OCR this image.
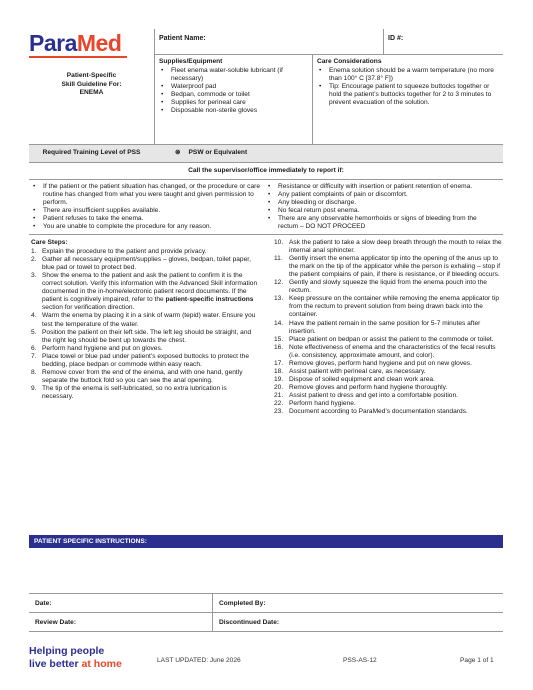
ParaMed
Patient-Specific
Skill Guideline For:
ENEMA
Patient Name:	ID #:
Supplies/Equipment
• Fleet enema water-soluble lubricant (if necessary)
• Waterproof pad
• Bedpan, commode or toilet
• Supplies for perineal care
• Disposable non-sterile gloves
Care Considerations
• Enema solution should be a warm temperature (no more than 100° C [37.8° F])
• Tip: Encourage patient to squeeze buttocks together or hold the patient’s buttocks together for 2 to 3 minutes to prevent evacuation of the solution.
Required Training Level of PSS	⊗ PSW or Equivalent
Call the supervisor/office immediately to report if:
• If the patient or the patient situation has changed, or the procedure or care routine has changed from what you were taught and given permission to perform.
• There are insufficient supplies available.
• Patient refuses to take the enema.
• You are unable to complete the procedure for any reason.
• Resistance or difficulty with insertion or patient retention of enema.
• Any patient complaints of pain or discomfort.
• Any bleeding or discharge.
• No fecal return post enema.
• There are any observable hemorrhoids or signs of bleeding from the rectum – DO NOT PROCEED
Care Steps:
1. Explain the procedure to the patient and provide privacy.
2. Gather all necessary equipment/supplies – gloves, bedpan, toilet paper, blue pad or towel to protect bed.
3. Show the enema to the patient and ask the patient to confirm it is the correct solution. Verify this information with the Advanced Skill information documented in the in-home/electronic patient record documents. If the patient is cognitively impaired, refer to the patient-specific instructions section for verification direction.
4. Warm the enema by placing it in a sink of warm (tepid) water. Ensure you test the temperature of the water.
5. Position the patient on their left side. The left leg should be straight, and the right leg should be bent up towards the chest.
6. Perform hand hygiene and put on gloves.
7. Place towel or blue pad under patient’s exposed buttocks to protect the bedding, place bedpan or commode within easy reach.
8. Remove cover from the end of the enema, and with one hand, gently separate the buttock fold so you can see the anal opening.
9. The tip of the enema is self-lubricated, so no extra lubrication is necessary.
10. Ask the patient to take a slow deep breath through the mouth to relax the internal anal sphincter.
11. Gently insert the enema applicator tip into the opening of the anus up to the mark on the tip of the applicator while the person is exhaling – stop if the patient complains of pain, if there is resistance, or if bleeding occurs.
12. Gently and slowly squeeze the liquid from the enema pouch into the rectum.
13. Keep pressure on the container while removing the enema applicator tip from the rectum to prevent solution from being drawn back into the container.
14. Have the patient remain in the same position for 5-7 minutes after insertion.
15. Place patient on bedpan or assist the patient to the commode or toilet.
16. Note effectiveness of enema and the characteristics of the fecal results (i.e. consistency, approximate amount, and color).
17. Remove gloves, perform hand hygiene and put on new gloves.
18. Assist patient with perineal care, as necessary.
19. Dispose of soiled equipment and clean work area.
20. Remove gloves and perform hand hygiene thoroughly.
21. Assist patient to dress and get into a comfortable position.
22. Perform hand hygiene.
23. Document according to ParaMed’s documentation standards.
PATIENT SPECIFIC INSTRUCTIONS:
Date:	Completed By:
Review Date:	Discontinued Date:
Helping people
live better at home	LAST UPDATED: June 2026	PSS-AS-12	Page 1 of 1
